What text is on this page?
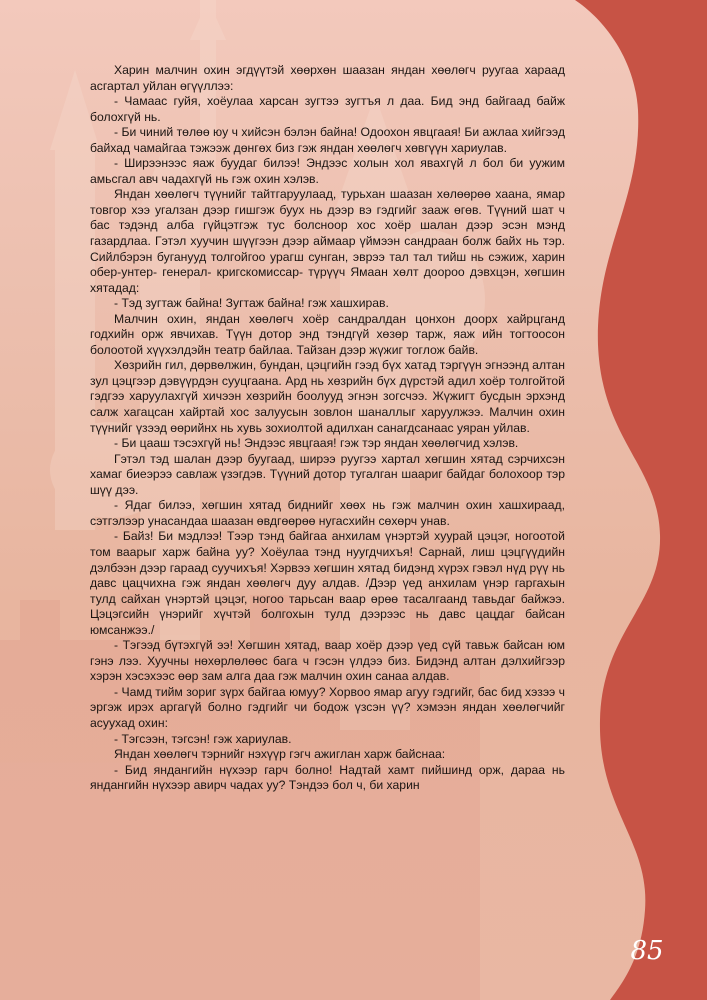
Харин малчин охин эгдүүтэй хөөрхөн шаазан яндан хөөлөгч руугаа хараад асгартал уйлан өгүүллээ:

- Чамаас гуйя, хоёулаа харсан зугтээ зугтъя л даа. Бид энд байгаад байж болохгүй нь.

- Би чиний төлөө юу ч хийсэн бэлэн байна! Одоохон явцгаая! Би ажлаа хийгээд байхад чамайгаа тэжээж дөнгөх биз гэж яндан хөөлөгч хөвгүүн хариулав.

- Ширээнээс яаж буудаг билээ! Эндээс холын хол явахгүй л бол би уужим амьсгал авч чадахгүй нь гэж охин хэлэв.

Яндан хөөлөгч түүнийг тайтгаруулаад, турьхан шаазан хөлөөрөө хаана, ямар товгор хээ угалзан дээр гишгэж буух нь дээр вэ гэдгийг зааж өгөв. Түүний шат ч бас тэдэнд алба гүйцэтгэж тус болсноор хос хоёр шалан дээр эсэн мэнд газардлаа. Гэтэл хуучин шүүгээн дээр аймаар үймээн сандраан болж байх нь тэр. Сийлбэрэн буганууд толгойгоо урагш сунган, эврээ тал тал тийш нь сэжиж, харин обер-унтер- генерал- кригскомиссар- түрүүч Ямаан хөлт доороо дэвхцэн, хөгшин хятадад:

- Тэд зугтаж байна! Зугтаж байна! гэж хашхирав.

Малчин охин, яндан хөөлөгч хоёр сандралдан цонхон доорх хайрцганд годхийн орж явчихав. Түүн дотор энд тэндгүй хөзөр тарж, яаж ийн тогтоосон болоотой хүүхэлдэйн театр байлаа. Тайзан дээр жүжиг тоглож байв.

Хөзрийн гил, дөрвөлжин, бундан, цэцгийн гээд бүх хатад тэргүүн эгнээнд алтан зул цэцгээр дэвүүрдэн сууцгаана. Ард нь хөзрийн бүх дүрстэй адил хоёр толгойтой гэдгээ харуулахгүй хичээн хөзрийн боолууд эгнэн зогсчээ. Жүжигт бусдын эрхэнд салж хагацсан хайртай хос залуусын зовлон шаналлыг харуулжээ. Малчин охин түүнийг үзээд өөрийнх нь хувь зохиолтой адилхан санагдсанаас уяран уйлав.

- Би цааш тэсэхгүй нь! Эндээс явцгаая! гэж тэр яндан хөөлөгчид хэлэв.

Гэтэл тэд шалан дээр буугаад, ширээ руугээ хартал хөгшин хятад сэрчихсэн хамаг биеэрээ савлаж үзэгдэв. Түүний дотор тугалган шаариг байдаг болохоор тэр шүү дээ.

- Ядаг билээ, хөгшин хятад биднийг хөөх нь гэж малчин охин хашхираад, сэтгэлээр унасандаа шаазан өвдгөөрөө нугасхийн сөхөрч унав.

- Байз! Би мэдлээ! Тээр тэнд байгаа анхилам үнэртэй хуурай цэцэг, ногоотой том ваарыг харж байна уу? Хоёулаа тэнд нуугдчихъя! Сарнай, лиш цэцгүүдийн дэлбээн дээр гараад суучихъя! Хэрвээ хөгшин хятад бидэнд хүрэх гэвэл нүд рүү нь давс цацчихна гэж яндан хөөлөгч дуу алдав. /Дээр үед анхилам үнэр гаргахын тулд сайхан үнэртэй цэцэг, ногоо тарьсан ваар өрөө тасалгаанд тавьдаг байжээ. Цэцэгсийн үнэрийг хүчтэй болгохын тулд дээрээс нь давс цацдаг байсан юмсанжээ./

- Тэгээд бүтэхгүй ээ! Хөгшин хятад, ваар хоёр дээр үед сүй тавьж байсан юм гэнэ лээ. Хуучны нөхөрлөлөөс бага ч гэсэн үлдээ биз. Бидэнд алтан дэлхийгээр хэрэн хэсэхээс өөр зам алга даа гэж малчин охин санаа алдав.

- Чамд тийм зориг зүрх байгаа юмуу? Хорвоо ямар агуу гэдгийг, бас бид хэзээ ч эргэж ирэх аргагүй болно гэдгийг чи бодож үзсэн үү? хэмээн яндан хөөлөгчийг асуухад охин:

- Тэгсээн, тэгсэн! гэж хариулав.

Яндан хөөлөгч тэрнийг нэхүүр гэгч ажиглан харж байснаа:

- Бид яндангийн нүхээр гарч болно! Надтай хамт пийшинд орж, дараа нь яндангийн нүхээр авирч чадах уу? Тэндээ бол ч, би харин

85
